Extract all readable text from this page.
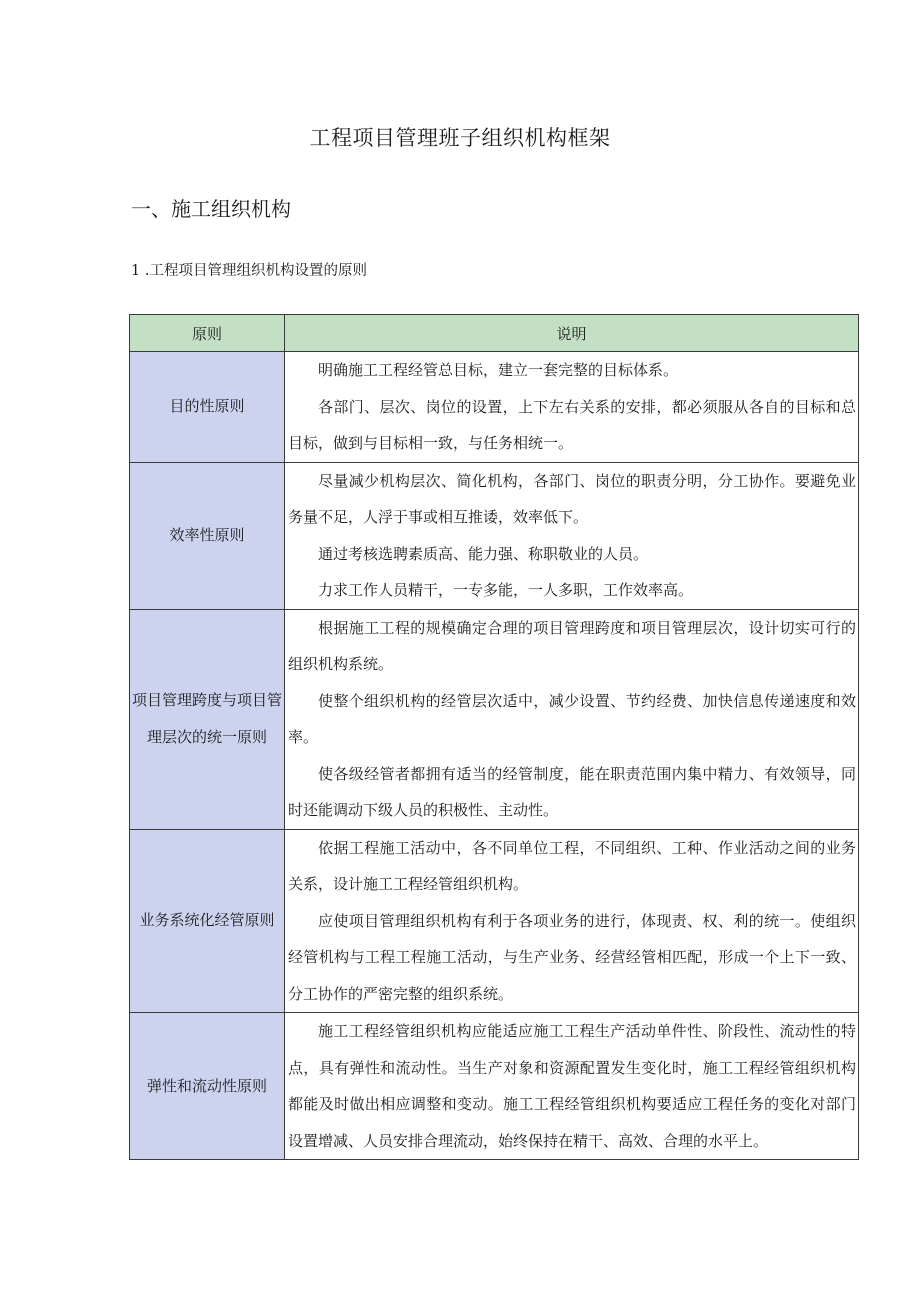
工程项目管理班子组织机构框架
一、施工组织机构
1 .工程项目管理组织机构设置的原则
原则	说明
目的性原则	明确施工工程经管总目标，建立一套完整的目标体系。

各部门、层次、岗位的设置，上下左右关系的安排，都必须服从各自的目标和总目标，做到与目标相一致，与任务相统一。

效率性原则	尽量减少机构层次、简化机构，各部门、岗位的职责分明，分工协作。要避免业务量不足，人浮于事或相互推诿，效率低下。

通过考核选聘素质高、能力强、称职敬业的人员。

力求工作人员精干，一专多能，一人多职，工作效率高。

项目管理跨度与项目管理层次的统一原则	根据施工工程的规模确定合理的项目管理跨度和项目管理层次，设计切实可行的组织机构系统。

使整个组织机构的经管层次适中，减少设置、节约经费、加快信息传递速度和效率。

使各级经管者都拥有适当的经管制度，能在职责范围内集中精力、有效领导，同时还能调动下级人员的积极性、主动性。

业务系统化经管原则	依据工程施工活动中，各不同单位工程，不同组织、工种、作业活动之间的业务关系，设计施工工程经管组织机构。

应使项目管理组织机构有利于各项业务的进行，体现责、权、利的统一。使组织经管机构与工程工程施工活动，与生产业务、经营经管相匹配，形成一个上下一致、分工协作的严密完整的组织系统。

弹性和流动性原则	施工工程经管组织机构应能适应施工工程生产活动单件性、阶段性、流动性的特点，具有弹性和流动性。当生产对象和资源配置发生变化时，施工工程经管组织机构都能及时做出相应调整和变动。施工工程经管组织机构要适应工程任务的变化对部门设置增减、人员安排合理流动，始终保持在精干、高效、合理的水平上。
